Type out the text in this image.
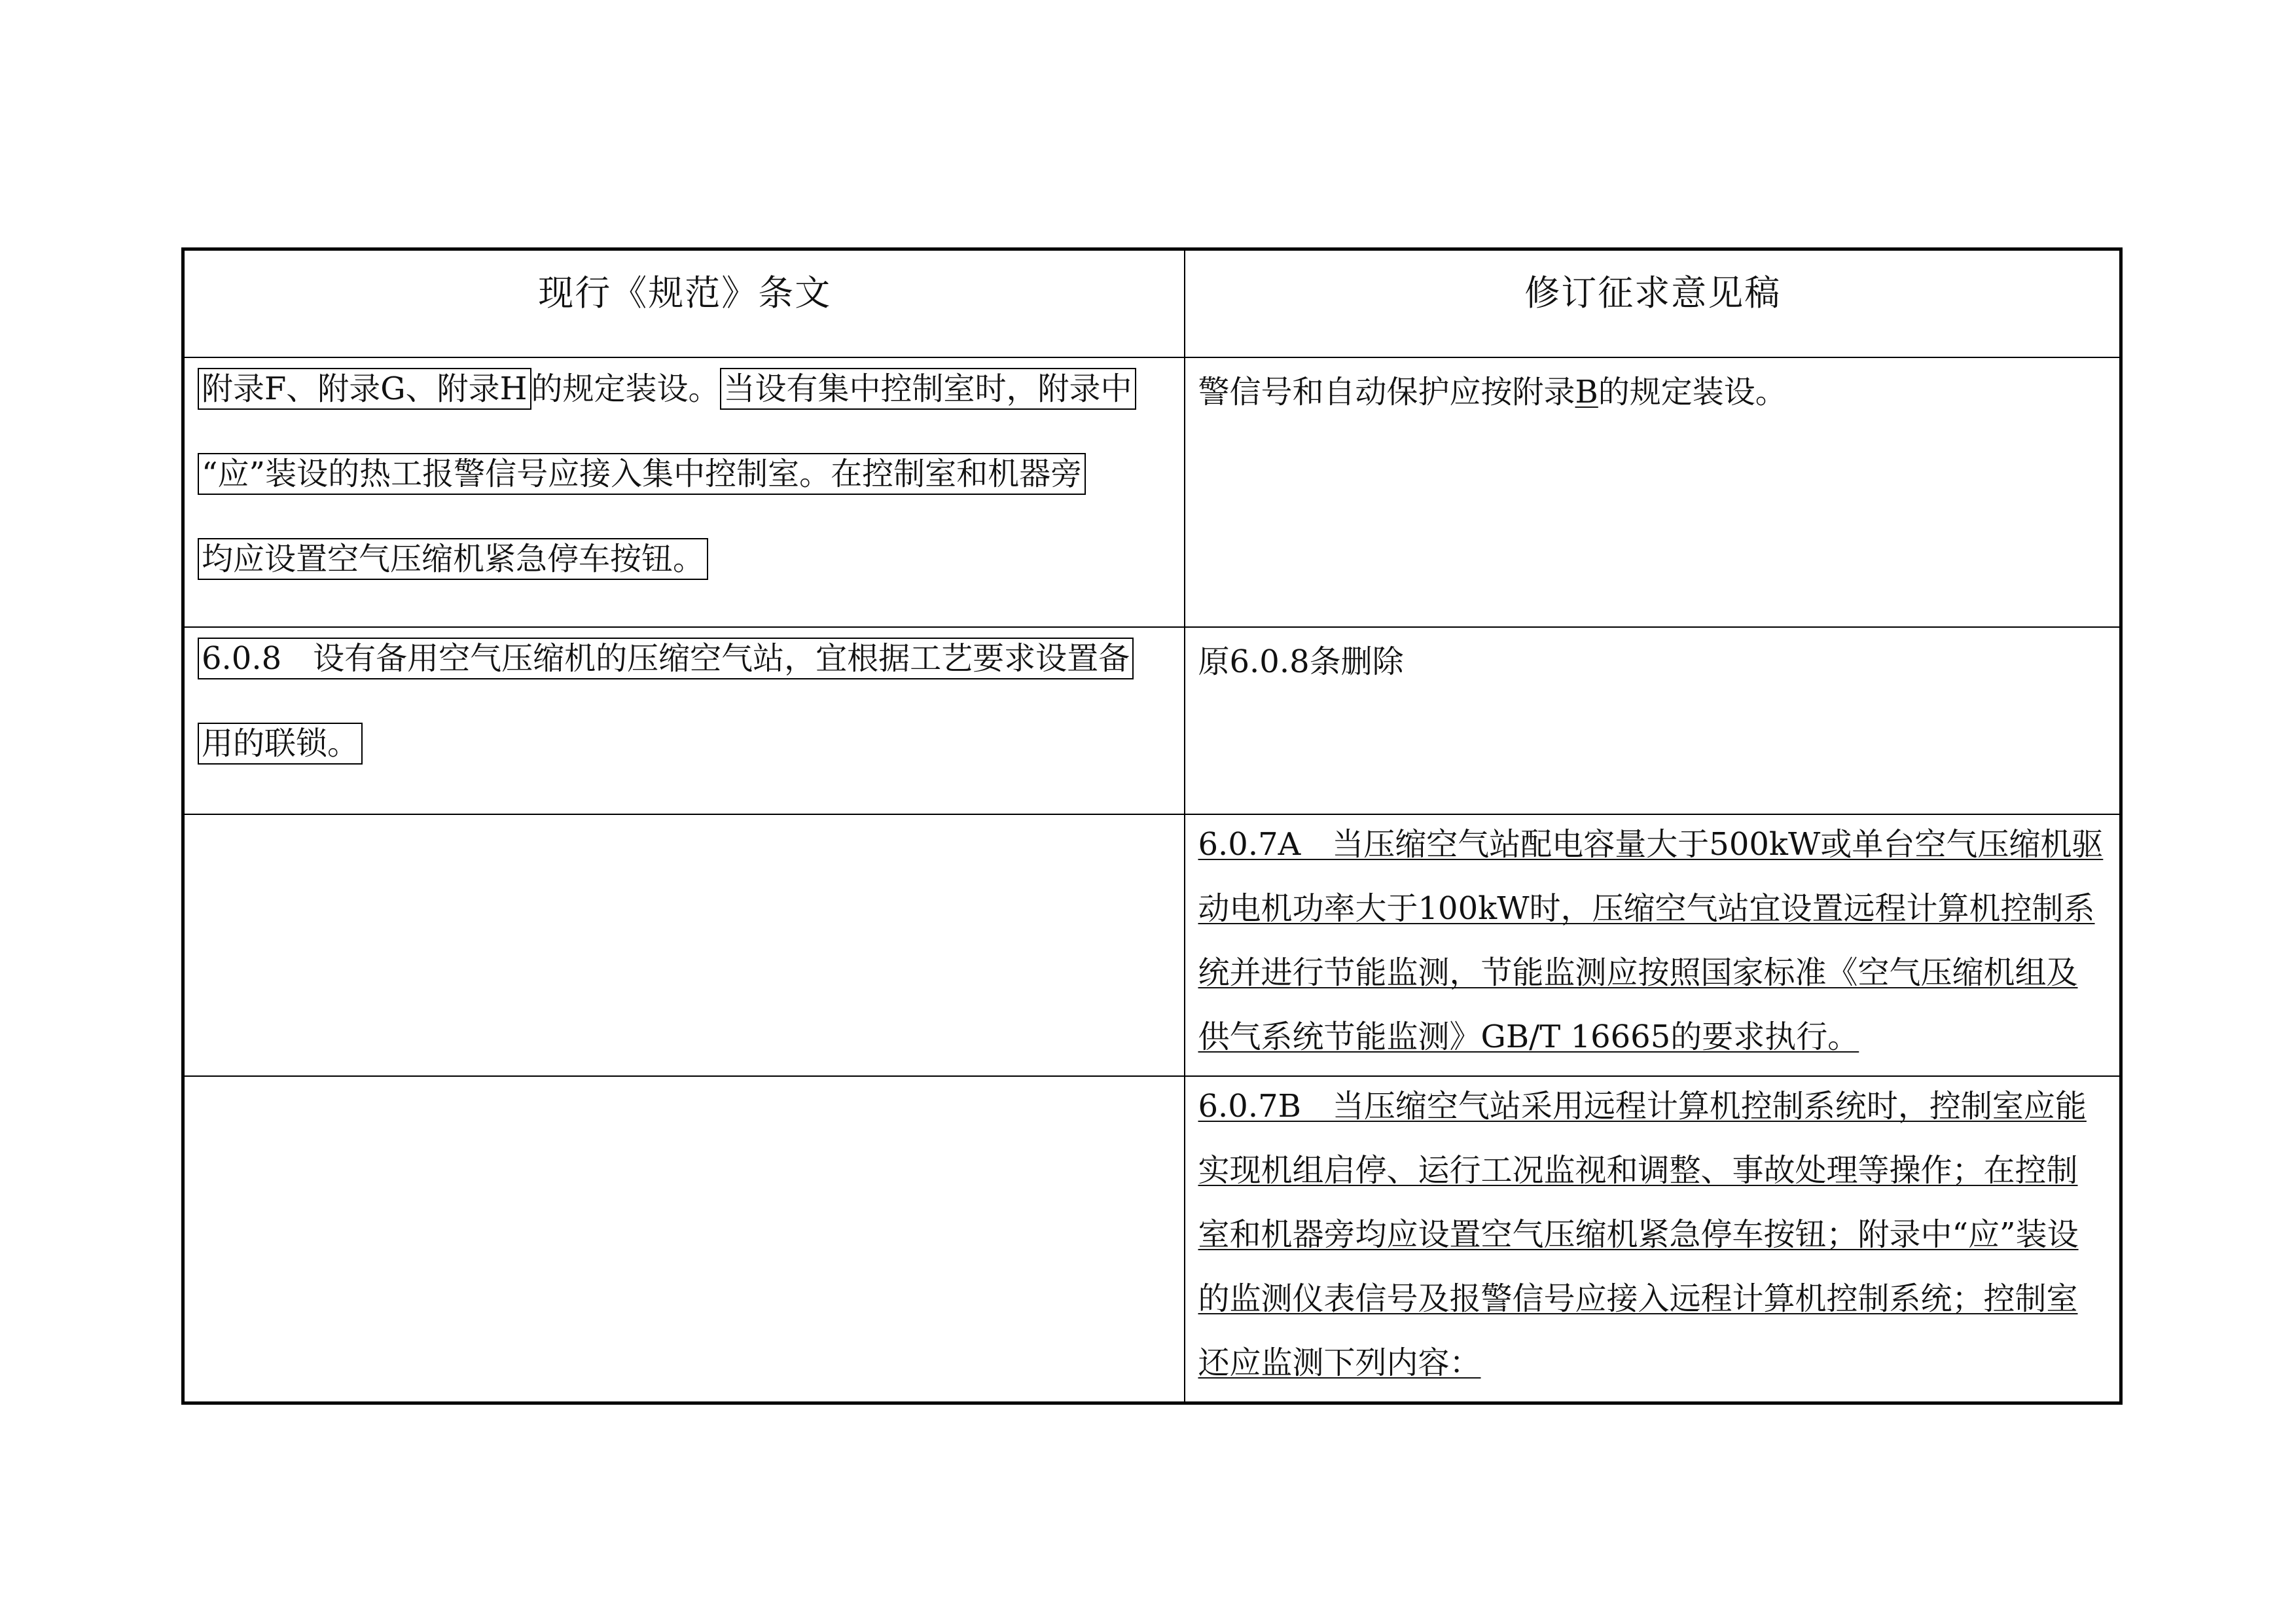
现行《规范》条文	修订征求意见稿

附录F、附录G、附录H 的规定装设。 当设有集中控制室时，附录中
“应”装设的热工报警信号应接入集中控制室。在控制室和机器旁
均应设置空气压缩机紧急停车按钮。	警信号和自动保护应按附录B的规定装设。

6.0.8　设有备用空气压缩机的压缩空气站，宜根据工艺要求设置备
用的联锁。	原6.0.8条删除

	6.0.7A　当压缩空气站配电容量大于500kW或单台空气压缩机驱动电机功率大于100kW时，压缩空气站宜设置远程计算机控制系统并进行节能监测，节能监测应按照国家标准《空气压缩机组及供气系统节能监测》GB/T 16665的要求执行。

	6.0.7B　当压缩空气站采用远程计算机控制系统时，控制室应能实现机组启停、运行工况监视和调整、事故处理等操作；在控制室和机器旁均应设置空气压缩机紧急停车按钮；附录中“应”装设的监测仪表信号及报警信号应接入远程计算机控制系统；控制室还应监测下列内容：
